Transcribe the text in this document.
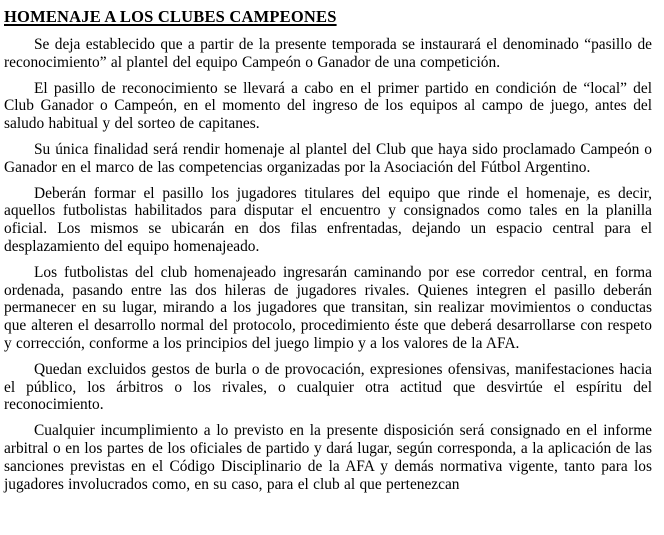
HOMENAJE A LOS CLUBES CAMPEONES

Se deja establecido que a partir de la presente temporada se instaurará el denominado “pasillo de reconocimiento” al plantel del equipo Campeón o Ganador de una competición.

El pasillo de reconocimiento se llevará a cabo en el primer partido en condición de “local” del Club Ganador o Campeón, en el momento del ingreso de los equipos al campo de juego, antes del saludo habitual y del sorteo de capitanes.

Su única finalidad será rendir homenaje al plantel del Club que haya sido proclamado Campeón o Ganador en el marco de las competencias organizadas por la Asociación del Fútbol Argentino.

Deberán formar el pasillo los jugadores titulares del equipo que rinde el homenaje, es decir, aquellos futbolistas habilitados para disputar el encuentro y consignados como tales en la planilla oficial. Los mismos se ubicarán en dos filas enfrentadas, dejando un espacio central para el desplazamiento del equipo homenajeado.

Los futbolistas del club homenajeado ingresarán caminando por ese corredor central, en forma ordenada, pasando entre las dos hileras de jugadores rivales. Quienes integren el pasillo deberán permanecer en su lugar, mirando a los jugadores que transitan, sin realizar movimientos o conductas que alteren el desarrollo normal del protocolo, procedimiento éste que deberá desarrollarse con respeto y corrección, conforme a los principios del juego limpio y a los valores de la AFA.

Quedan excluidos gestos de burla o de provocación, expresiones ofensivas, manifestaciones hacia el público, los árbitros o los rivales, o cualquier otra actitud que desvirtúe el espíritu del reconocimiento.

Cualquier incumplimiento a lo previsto en la presente disposición será consignado en el informe arbitral o en los partes de los oficiales de partido y dará lugar, según corresponda, a la aplicación de las sanciones previstas en el Código Disciplinario de la AFA y demás normativa vigente, tanto para los jugadores involucrados como, en su caso, para el club al que pertenezcan
